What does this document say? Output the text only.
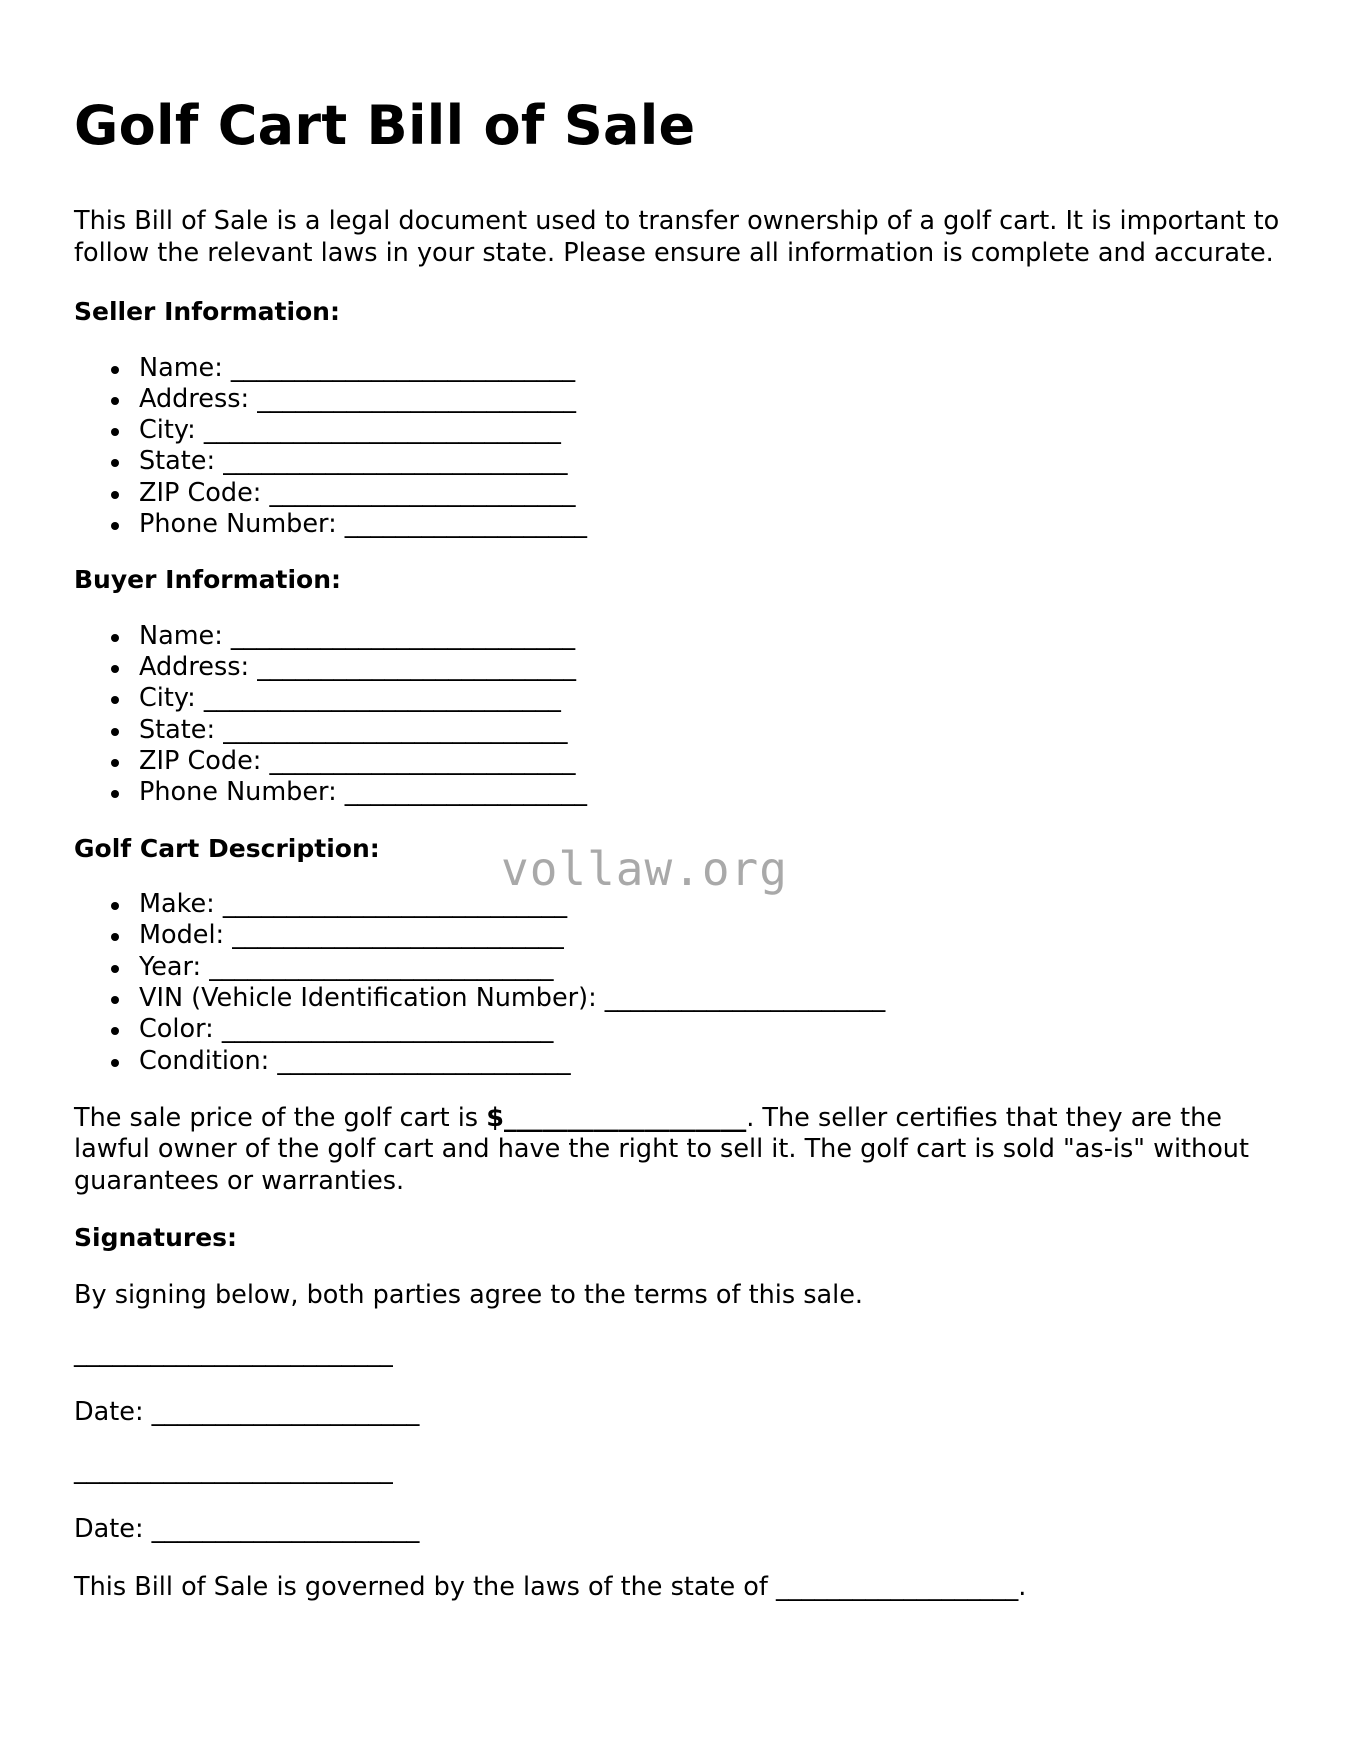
Golf Cart Bill of Sale

This Bill of Sale is a legal document used to transfer ownership of a golf cart. It is important to follow the relevant laws in your state. Please ensure all information is complete and accurate.

Seller Information:

Name: ___________________________
Address: _________________________
City: ____________________________
State: ___________________________
ZIP Code: ________________________
Phone Number: ___________________

Buyer Information:

Name: ___________________________
Address: _________________________
City: ____________________________
State: ___________________________
ZIP Code: ________________________
Phone Number: ___________________

Golf Cart Description:

Make: ___________________________
Model: __________________________
Year: ___________________________
VIN (Vehicle Identification Number): ______________________
Color: __________________________
Condition: _______________________

The sale price of the golf cart is $___________________. The seller certifies that they are the lawful owner of the golf cart and have the right to sell it. The golf cart is sold "as-is" without guarantees or warranties.

Signatures:

By signing below, both parties agree to the terms of this sale.

_________________________
Date: _____________________
_________________________
Date: _____________________

This Bill of Sale is governed by the laws of the state of ___________________.

vollaw.org
